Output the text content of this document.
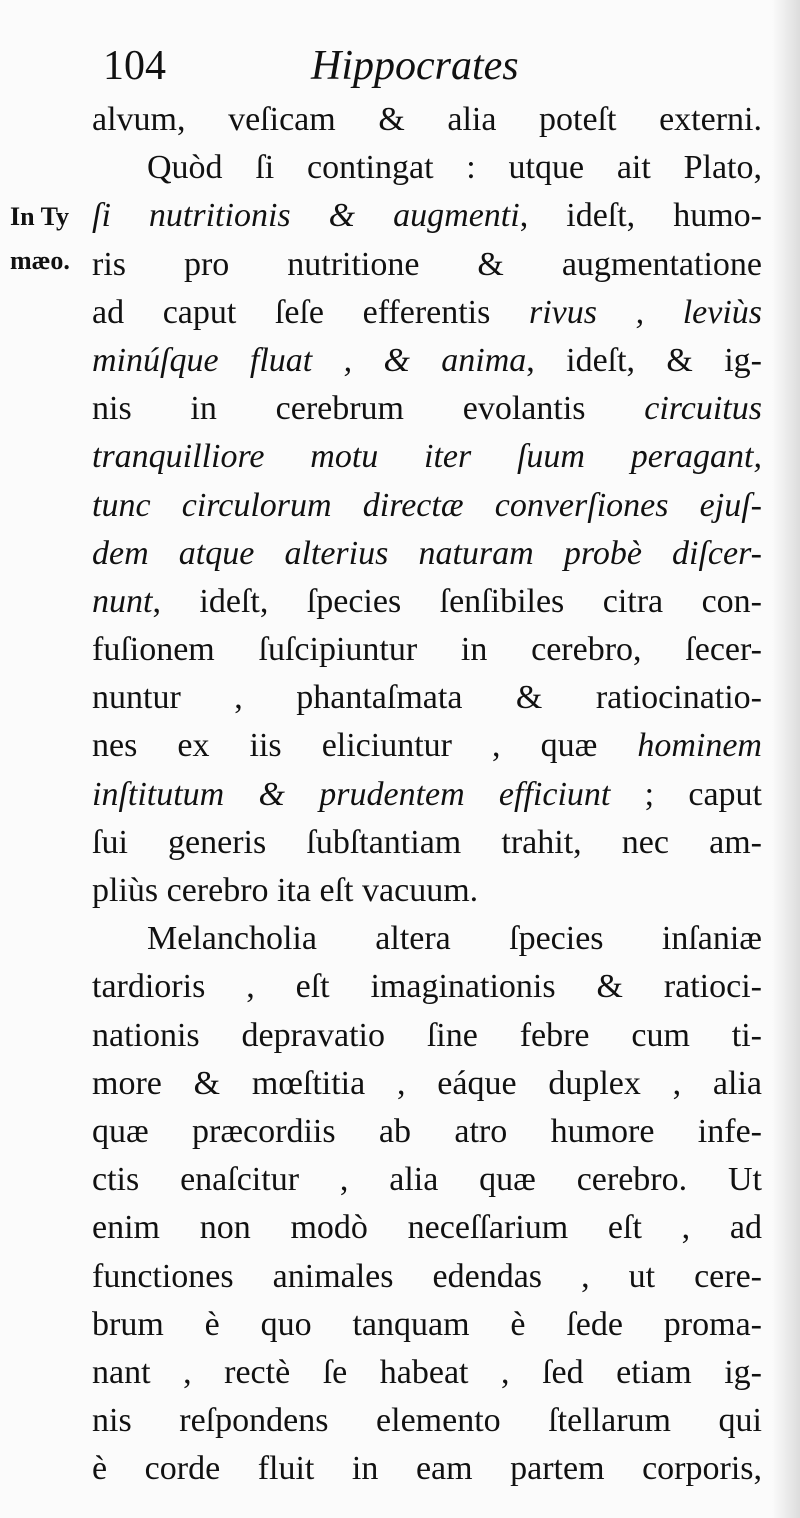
104	Hippocrates
In Ty
mæo.
alvum, veſicam & alia poteſt externi.
Quòd ſi contingat : utque ait Plato,
ſi nutritionis & augmenti, ideſt, humo-
ris pro nutritione & augmentatione
ad caput ſeſe efferentis rivus , leviùs
minúſque fluat , & anima, ideſt, & ig-
nis in cerebrum evolantis circuitus
tranquilliore motu iter ſuum peragant,
tunc circulorum directæ converſiones ejuſ-
dem atque alterius naturam probè diſcer-
nunt, ideſt, ſpecies ſenſibiles citra con-
fuſionem ſuſcipiuntur in cerebro, ſecer-
nuntur , phantaſmata & ratiocinatio-
nes ex iis eliciuntur , quæ hominem
inſtitutum & prudentem efficiunt ; caput
ſui generis ſubſtantiam trahit, nec am-
pliùs cerebro ita eſt vacuum.
Melancholia altera ſpecies inſaniæ
tardioris , eſt imaginationis & ratioci-
nationis depravatio ſine febre cum ti-
more & mœſtitia , eáque duplex , alia
quæ præcordiis ab atro humore infe-
ctis enaſcitur , alia quæ cerebro. Ut
enim non modò neceſſarium eſt , ad
functiones animales edendas , ut cere-
brum è quo tanquam è ſede proma-
nant , rectè ſe habeat , ſed etiam ig-
nis reſpondens elemento ſtellarum qui
è corde fluit in eam partem corporis,
